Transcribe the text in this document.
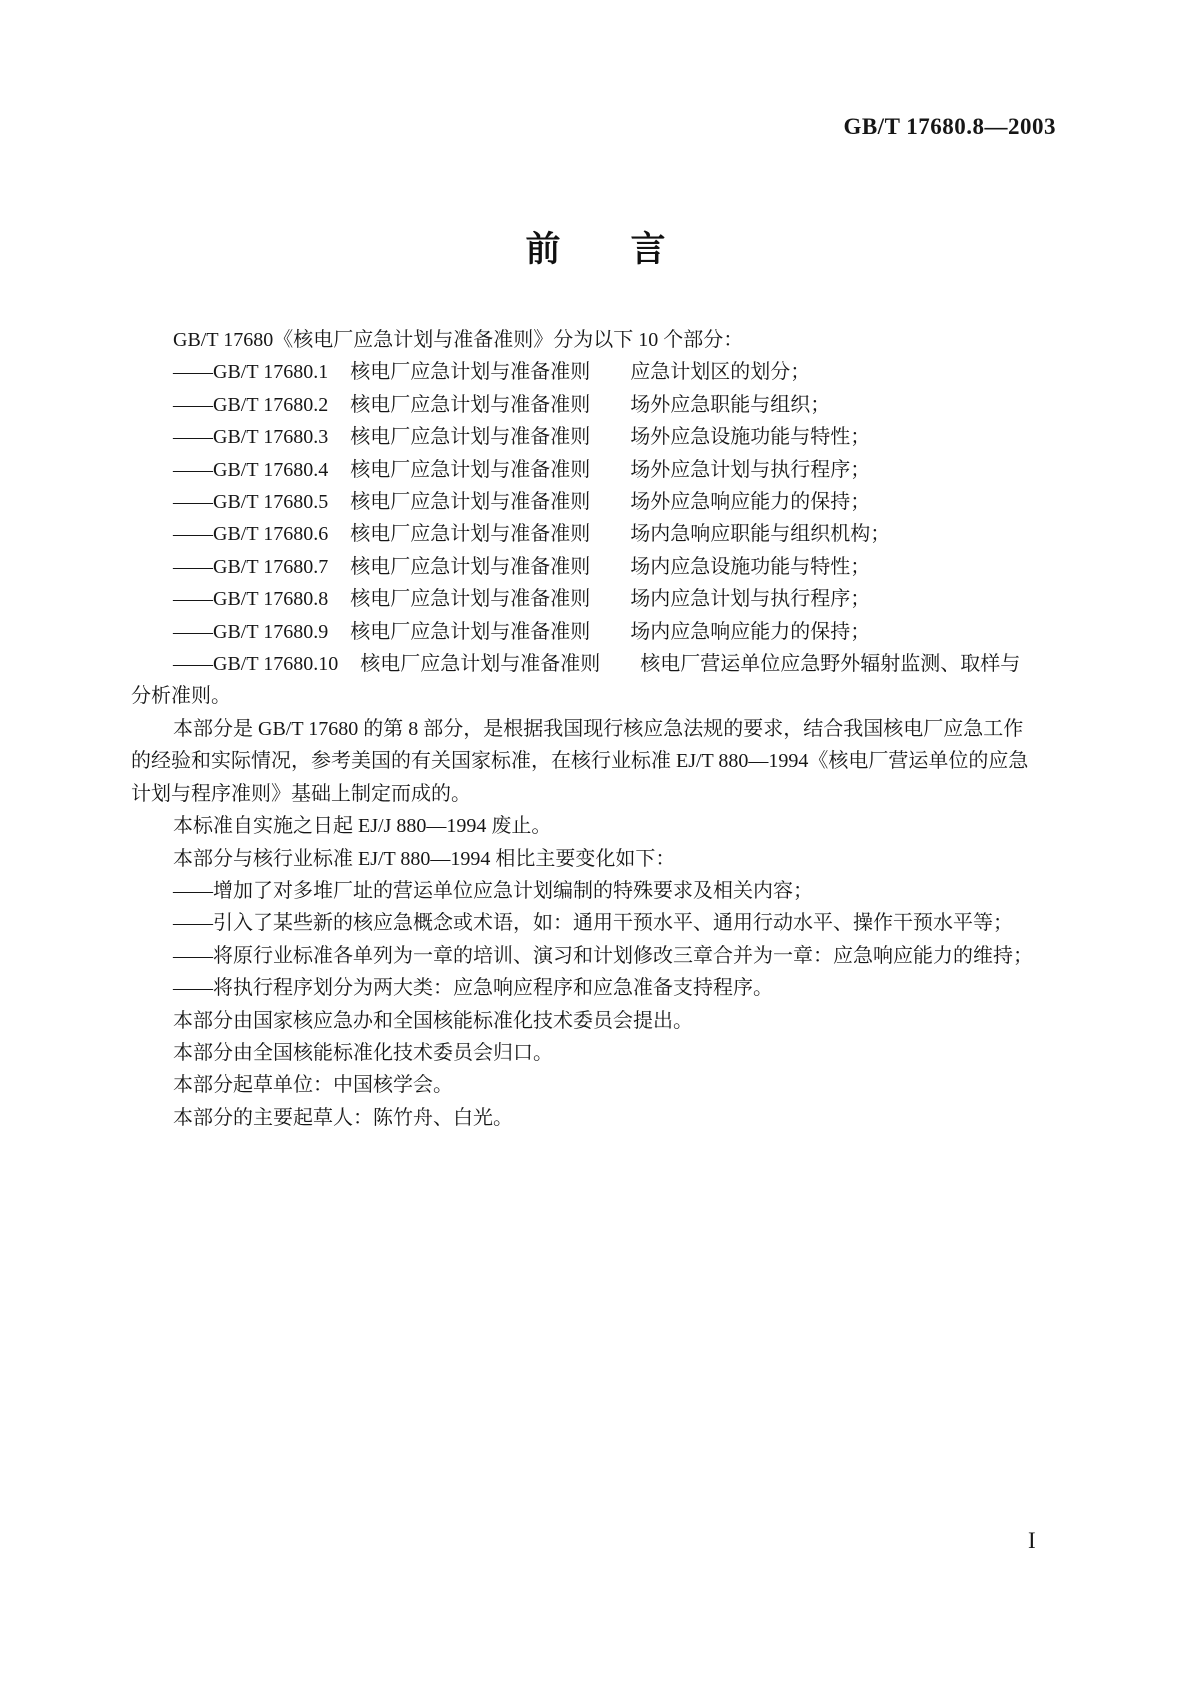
GB/T 17680.8—2003
前 言
GB/T 17680《核电厂应急计划与准备准则》分为以下 10 个部分：
——GB/T 17680.1 核电厂应急计划与准备准则 应急计划区的划分；
——GB/T 17680.2 核电厂应急计划与准备准则 场外应急职能与组织；
——GB/T 17680.3 核电厂应急计划与准备准则 场外应急设施功能与特性；
——GB/T 17680.4 核电厂应急计划与准备准则 场外应急计划与执行程序；
——GB/T 17680.5 核电厂应急计划与准备准则 场外应急响应能力的保持；
——GB/T 17680.6 核电厂应急计划与准备准则 场内急响应职能与组织机构；
——GB/T 17680.7 核电厂应急计划与准备准则 场内应急设施功能与特性；
——GB/T 17680.8 核电厂应急计划与准备准则 场内应急计划与执行程序；
——GB/T 17680.9 核电厂应急计划与准备准则 场内应急响应能力的保持；
——GB/T 17680.10 核电厂应急计划与准备准则 核电厂营运单位应急野外辐射监测、取样与
分析准则。
本部分是 GB/T 17680 的第 8 部分，是根据我国现行核应急法规的要求，结合我国核电厂应急工作
的经验和实际情况，参考美国的有关国家标准，在核行业标准 EJ/T 880—1994《核电厂营运单位的应急
计划与程序准则》基础上制定而成的。
本标准自实施之日起 EJ/J 880—1994 废止。
本部分与核行业标准 EJ/T 880—1994 相比主要变化如下：
——增加了对多堆厂址的营运单位应急计划编制的特殊要求及相关内容；
——引入了某些新的核应急概念或术语，如：通用干预水平、通用行动水平、操作干预水平等；
——将原行业标准各单列为一章的培训、演习和计划修改三章合并为一章：应急响应能力的维持；
——将执行程序划分为两大类：应急响应程序和应急准备支持程序。
本部分由国家核应急办和全国核能标准化技术委员会提出。
本部分由全国核能标准化技术委员会归口。
本部分起草单位：中国核学会。
本部分的主要起草人：陈竹舟、白光。
I
